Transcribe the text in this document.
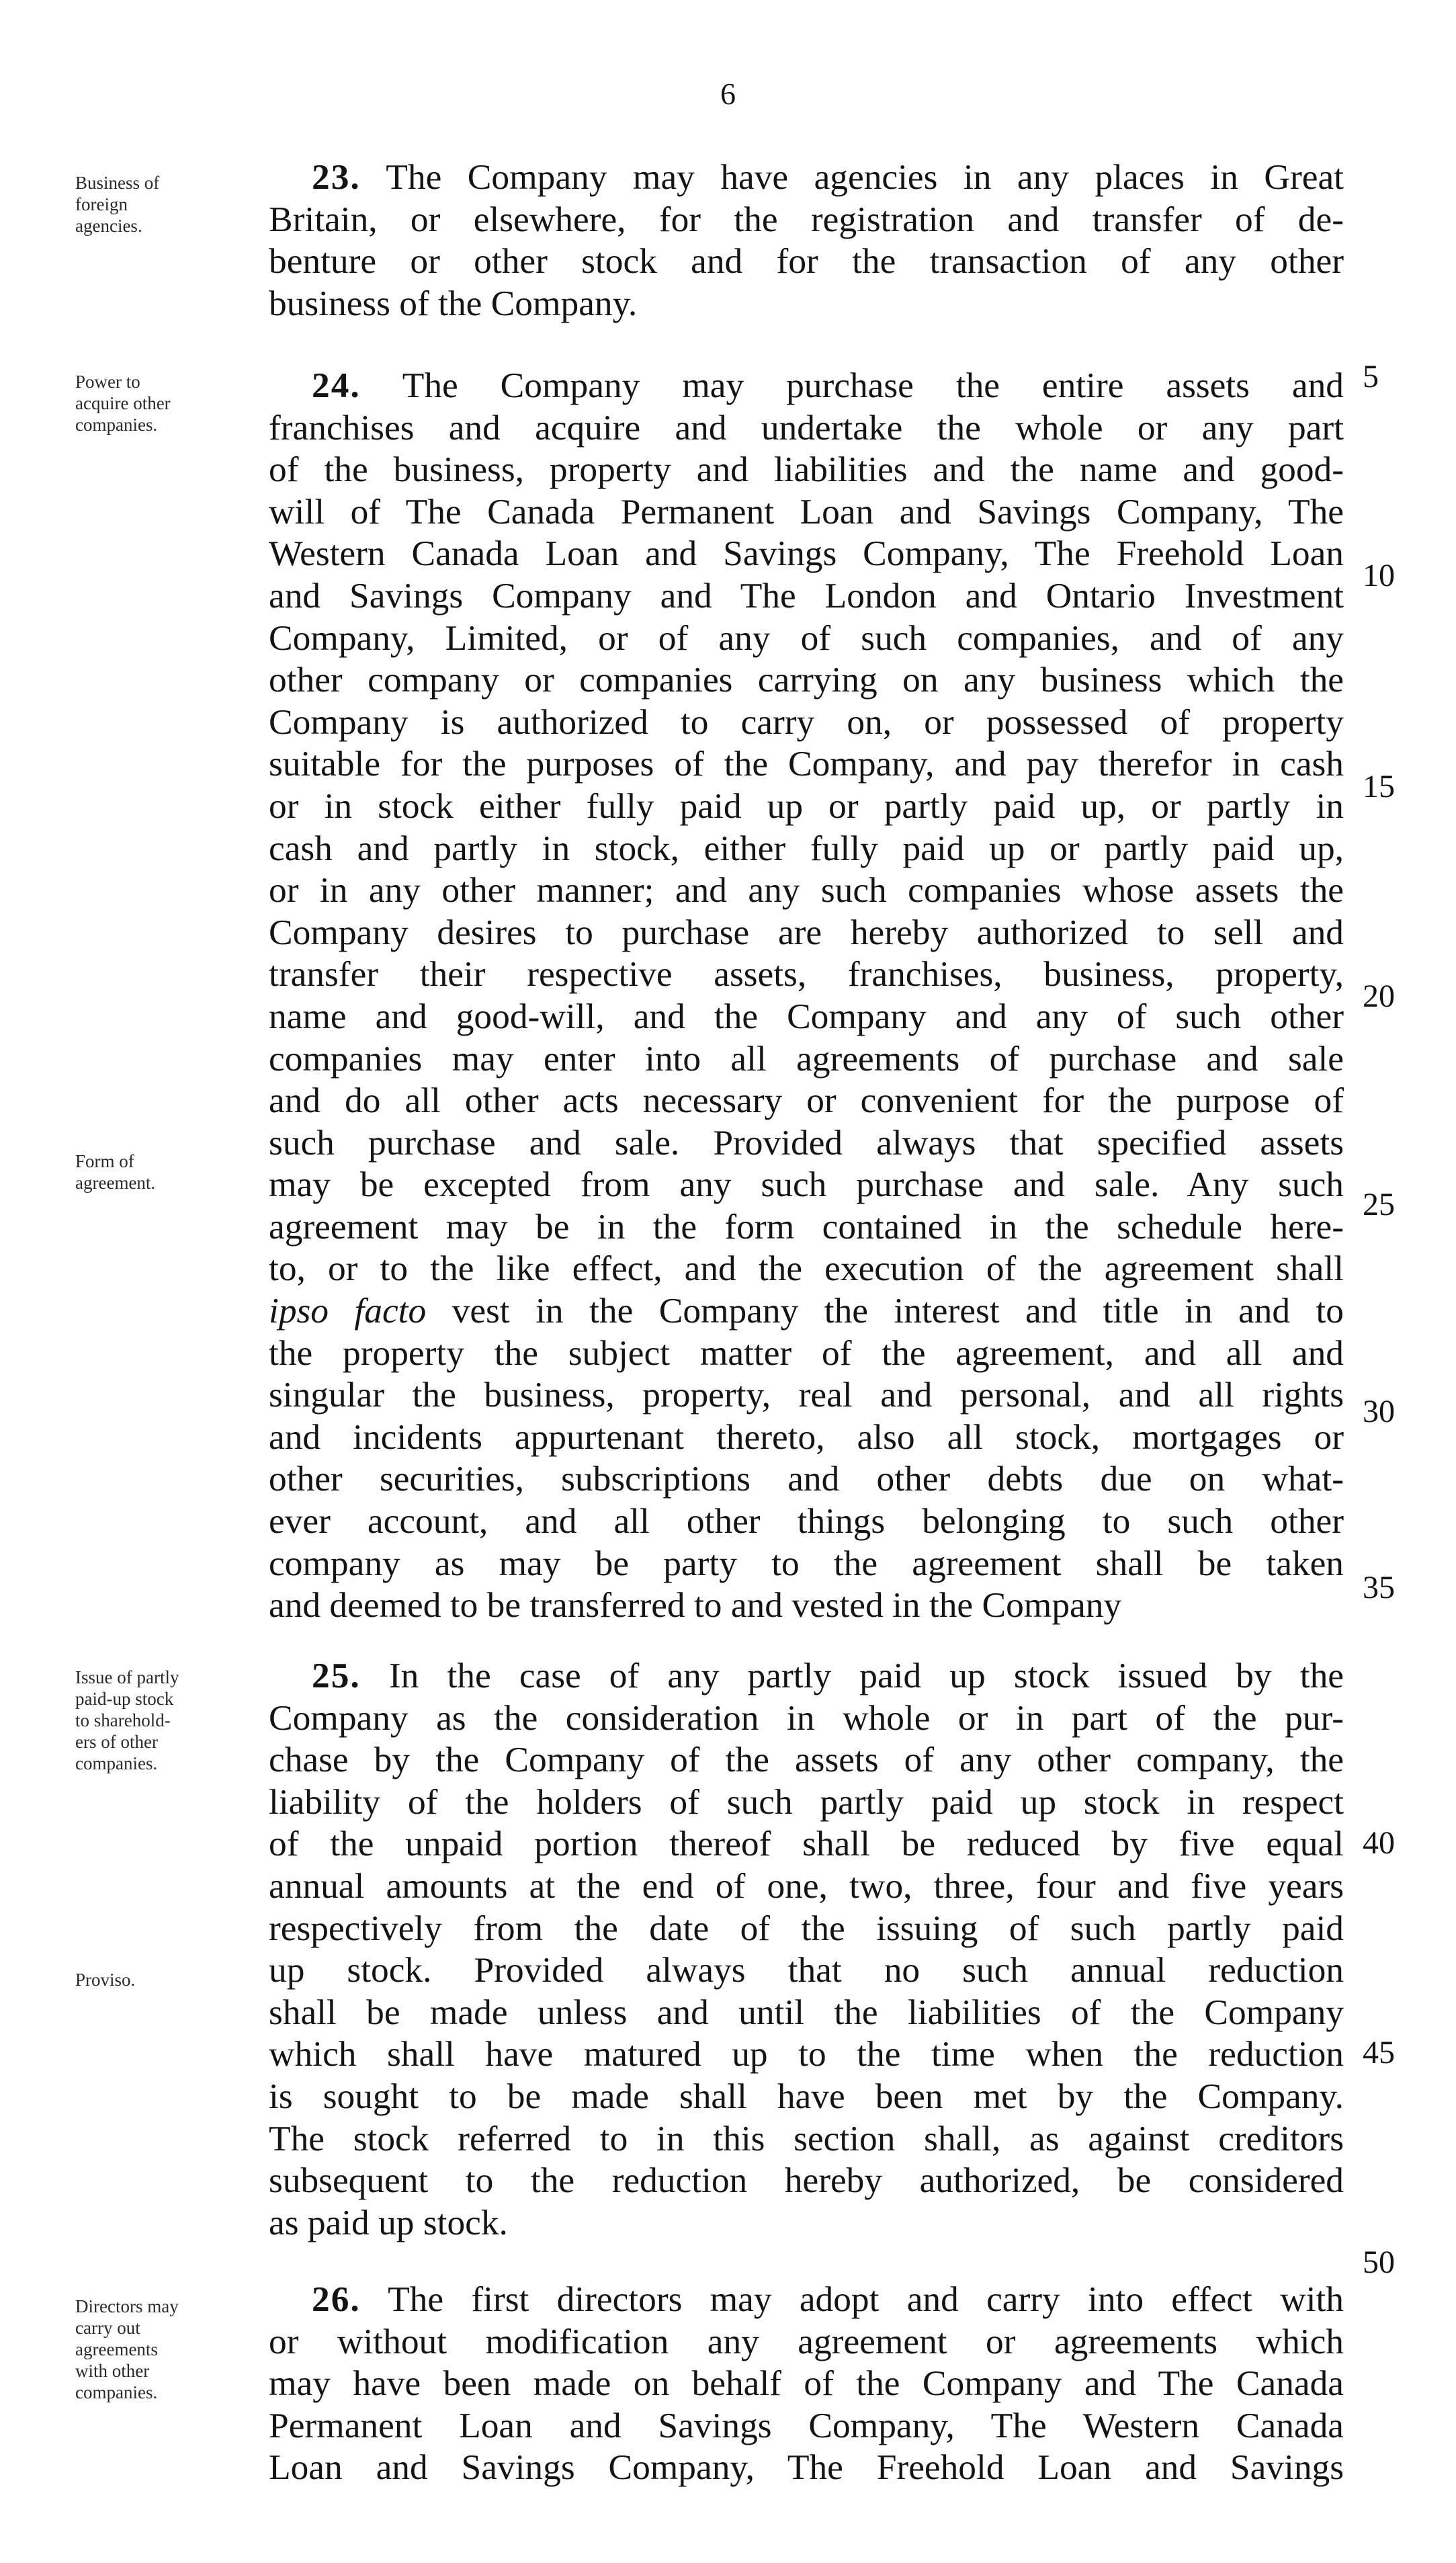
6
Business of
foreign
agencies.
Power to
acquire other
companies.
Form of
agreement.
Issue of partly
paid-up stock
to sharehold-
ers of other
companies.
Proviso.
Directors may
carry out
agreements
with other
companies.
23. The Company may have agencies in any places in Great
Britain, or elsewhere, for the registration and transfer of de-
benture or other stock and for the transaction of any other
business of the Company.
24. The Company may purchase the entire assets and
franchises and acquire and undertake the whole or any part
of the business, property and liabilities and the name and good-
will of The Canada Permanent Loan and Savings Company, The
Western Canada Loan and Savings Company, The Freehold Loan
and Savings Company and The London and Ontario Investment
Company, Limited, or of any of such companies, and of any
other company or companies carrying on any business which the
Company is authorized to carry on, or possessed of property
suitable for the purposes of the Company, and pay therefor in cash
or in stock either fully paid up or partly paid up, or partly in
cash and partly in stock, either fully paid up or partly paid up,
or in any other manner; and any such companies whose assets the
Company desires to purchase are hereby authorized to sell and
transfer their respective assets, franchises, business, property,
name and good-will, and the Company and any of such other
companies may enter into all agreements of purchase and sale
and do all other acts necessary or convenient for the purpose of
such purchase and sale. Provided always that specified assets
may be excepted from any such purchase and sale. Any such
agreement may be in the form contained in the schedule here-
to, or to the like effect, and the execution of the agreement shall
ipso facto vest in the Company the interest and title in and to
the property the subject matter of the agreement, and all and
singular the business, property, real and personal, and all rights
and incidents appurtenant thereto, also all stock, mortgages or
other securities, subscriptions and other debts due on what-
ever account, and all other things belonging to such other
company as may be party to the agreement shall be taken
and deemed to be transferred to and vested in the Company
25. In the case of any partly paid up stock issued by the
Company as the consideration in whole or in part of the pur-
chase by the Company of the assets of any other company, the
liability of the holders of such partly paid up stock in respect
of the unpaid portion thereof shall be reduced by five equal
annual amounts at the end of one, two, three, four and five years
respectively from the date of the issuing of such partly paid
up stock. Provided always that no such annual reduction
shall be made unless and until the liabilities of the Company
which shall have matured up to the time when the reduction
is sought to be made shall have been met by the Company.
The stock referred to in this section shall, as against creditors
subsequent to the reduction hereby authorized, be considered
as paid up stock.
26. The first directors may adopt and carry into effect with
or without modification any agreement or agreements which
may have been made on behalf of the Company and The Canada
Permanent Loan and Savings Company, The Western Canada
Loan and Savings Company, The Freehold Loan and Savings
5
10
15
20
25
30
35
40
45
50
